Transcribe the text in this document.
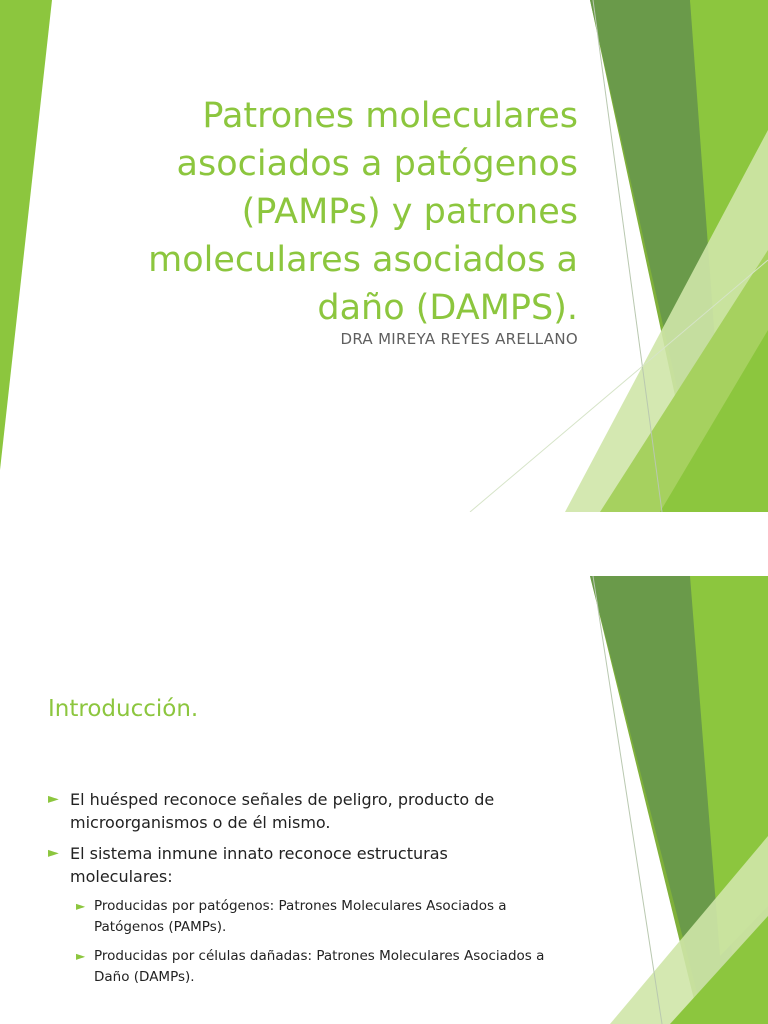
Patrones moleculares
asociados a patógenos
(PAMPs) y patrones
moleculares asociados a
daño (DAMPS).
DRA MIREYA REYES ARELLANO
Introducción.
► El huésped reconoce señales de peligro, producto de microorganismos o de él mismo.
► El sistema inmune innato reconoce estructuras moleculares:
► Producidas por patógenos: Patrones Moleculares Asociados a Patógenos (PAMPs).
► Producidas por células dañadas: Patrones Moleculares Asociados a Daño (DAMPs).
